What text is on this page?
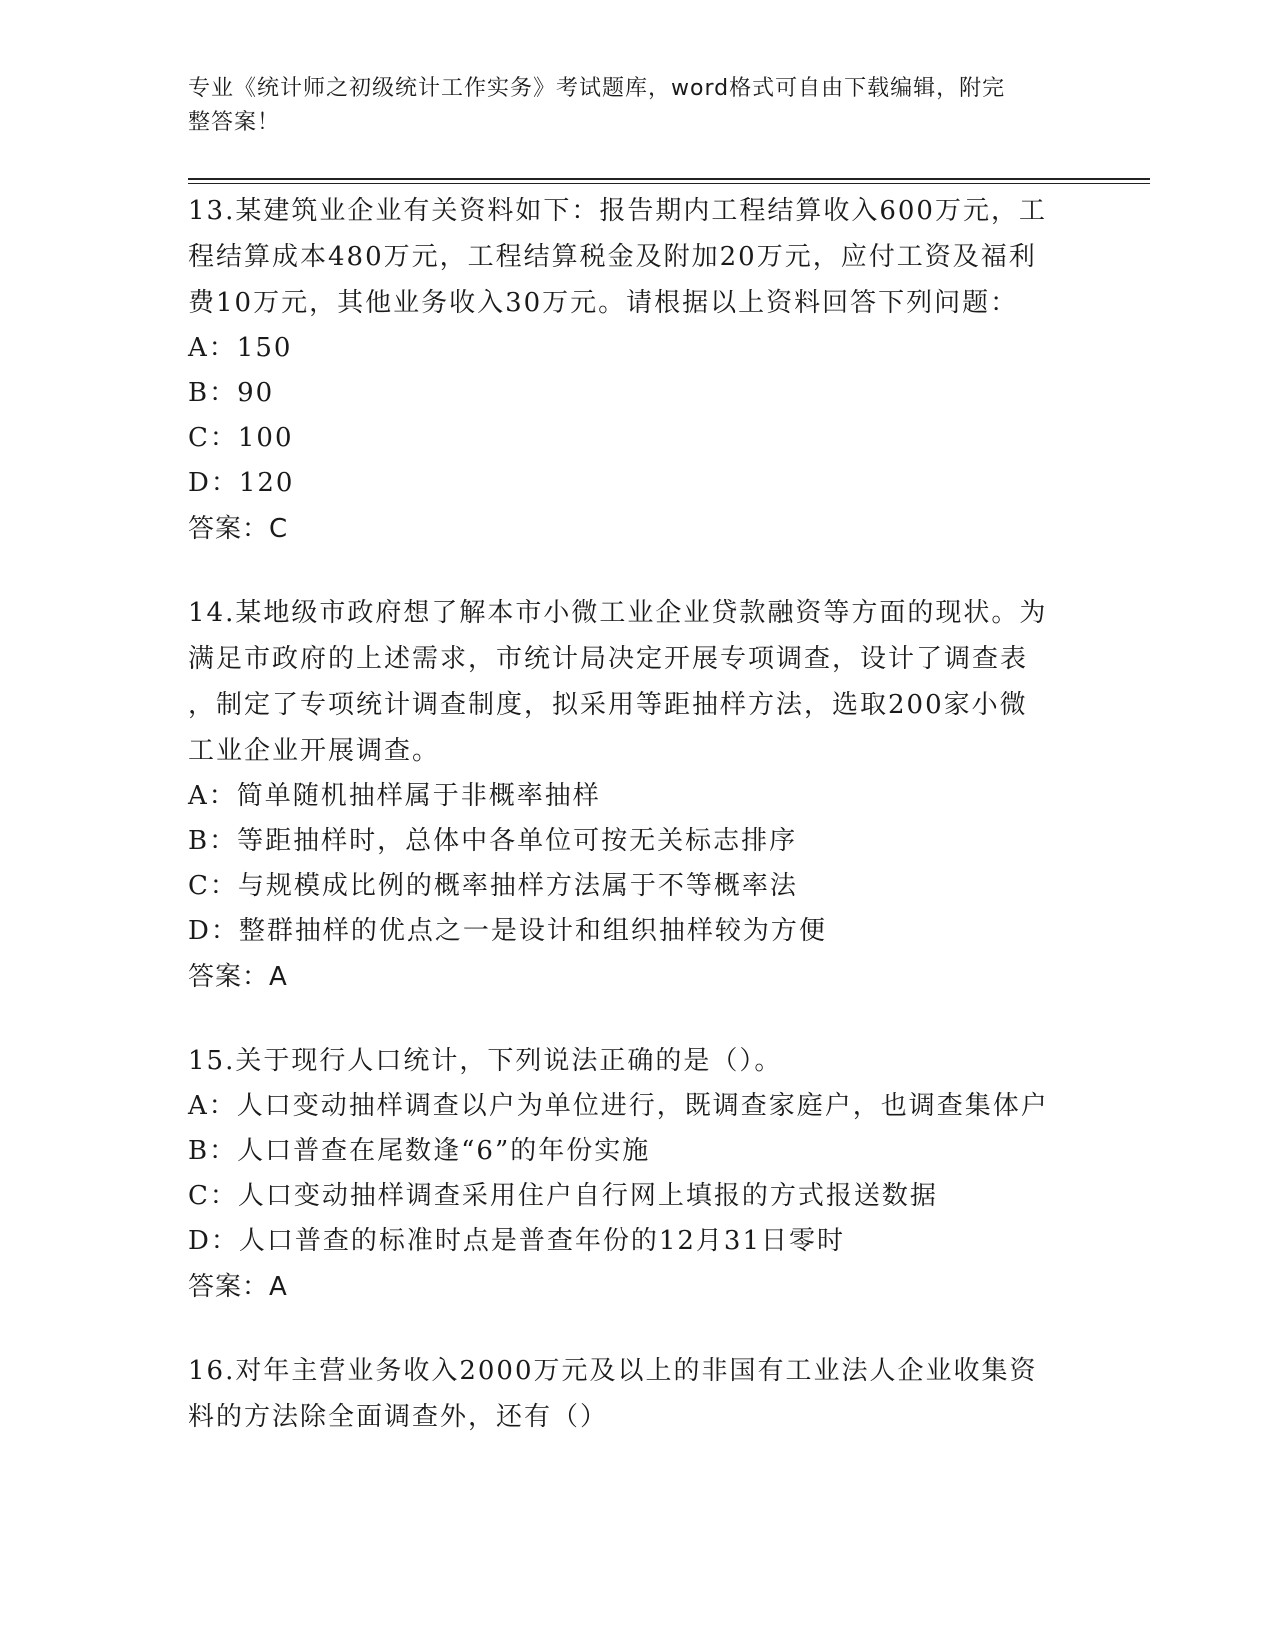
专业《统计师之初级统计工作实务》考试题库，word格式可自由下载编辑，附完
整答案！
13.某建筑业企业有关资料如下：报告期内工程结算收入600万元，工
程结算成本480万元，工程结算税金及附加20万元，应付工资及福利
费10万元，其他业务收入30万元。请根据以上资料回答下列问题：
A：150
B：90
C：100
D：120
答案：C
14.某地级市政府想了解本市小微工业企业贷款融资等方面的现状。为
满足市政府的上述需求，市统计局决定开展专项调查，设计了调查表
，制定了专项统计调查制度，拟采用等距抽样方法，选取200家小微
工业企业开展调查。
A：简单随机抽样属于非概率抽样
B：等距抽样时，总体中各单位可按无关标志排序
C：与规模成比例的概率抽样方法属于不等概率法
D：整群抽样的优点之一是设计和组织抽样较为方便
答案：A
15.关于现行人口统计，下列说法正确的是（）。
A：人口变动抽样调查以户为单位进行，既调查家庭户，也调查集体户
B：人口普查在尾数逢“6”的年份实施
C：人口变动抽样调查采用住户自行网上填报的方式报送数据
D：人口普查的标准时点是普查年份的12月31日零时
答案：A
16.对年主营业务收入2000万元及以上的非国有工业法人企业收集资
料的方法除全面调查外，还有（）
